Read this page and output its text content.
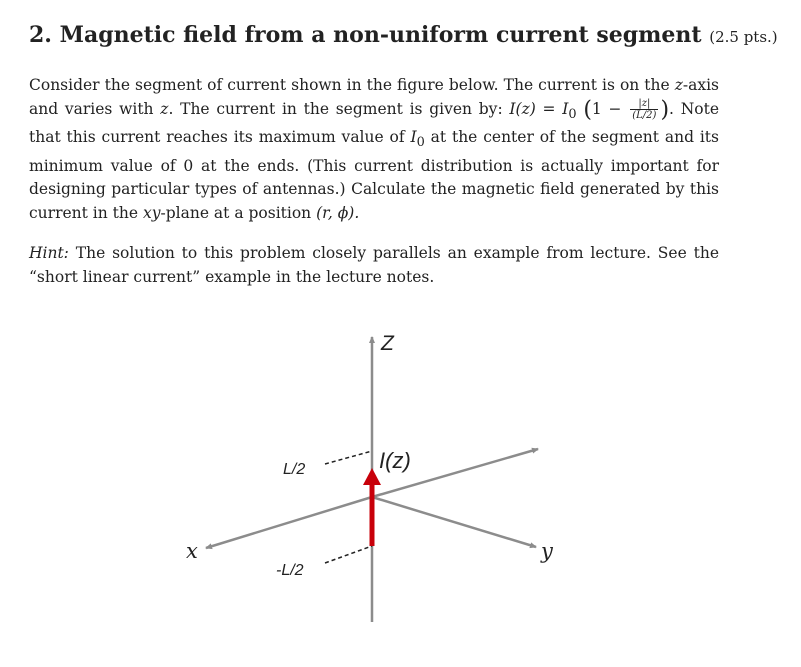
2. Magnetic field from a non-uniform current segment (2.5 pts.)
Consider the segment of current shown in the figure below. The current is on the z-axis and varies with z. The current in the segment is given by: $I(z) = I_0$ ($1 - \frac{|z|}{(L/2)}$ ). Note that this current reaches its maximum value of $I_0$ at the center of the segment and its minimum value of 0 at the ends. (This current distribution is actually important for designing particular types of antennas.) Calculate the magnetic field generated by this current in the xy-plane at a position (r, ϕ).
Hint: The solution to this problem closely parallels an example from lecture. See the “short linear current” example in the lecture notes.
Z
I(z)
L/2
-L/2
x	y
